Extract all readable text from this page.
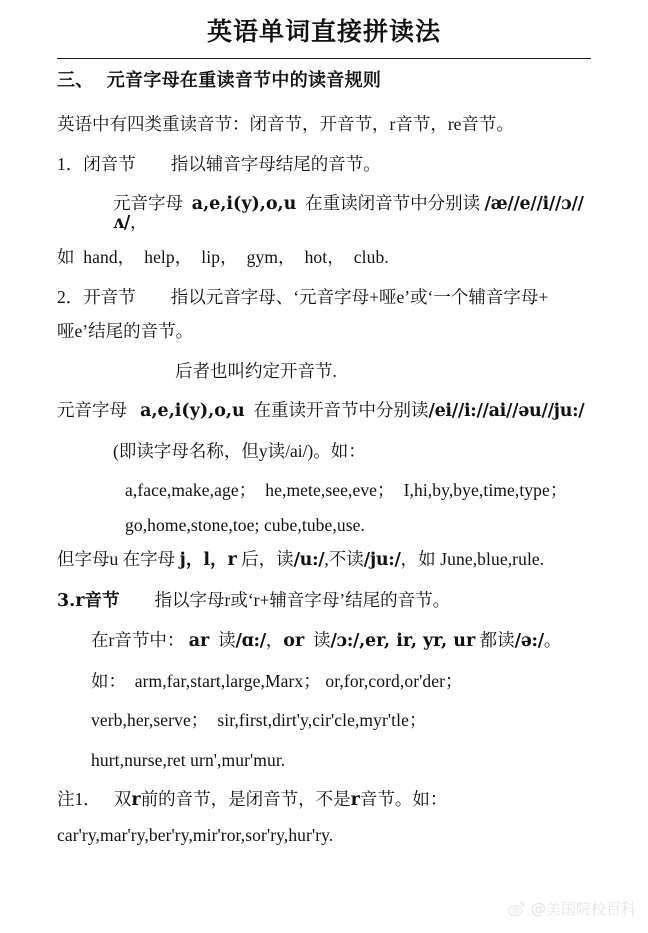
英语单词直接拼读法

三、  元音字母在重读音节中的读音规则

英语中有四类重读音节：闭音节，开音节，r音节，re音节。

1．闭音节　　 指以辅音字母结尾的音节。

元音字母 a,e,i(y),o,u 在重读闭音节中分别读 /æ//e//i//ɔ//ʌ/，

如 hand，  help，  lip，  gym，  hot，  club.

2．开音节　　 指以元音字母、‘元音字母+哑e’或‘一个辅音字母+

哑e’结尾的音节。

后者也叫约定开音节.

元音字母 a,e,i(y),o,u 在重读开音节中分别读/ei//i://ai//əu//ju:/

(即读字母名称，但y读/ai/)。如：

a,face,make,age；  he,mete,see,eve；  I,hi,by,bye,time,type；

go,home,stone,toe; cube,tube,use.

但字母u 在字母 j，l，r 后，读/u:/,不读/ju:/，如 June,blue,rule.

3.r音节　　 指以字母r或‘r+辅音字母’结尾的音节。

在r音节中： ar 读/ɑ:/，or 读/ɔ:/,er, ir, yr, ur 都读/ə:/。

如： arm,far,start,large,Marx； or,for,cord,or'der；

verb,her,serve；  sir,first,dirt'y,cir'cle,myr'tle；

hurt,nurse,ret urn',mur'mur.

注1．　 双r前的音节，是闭音节，不是r音节。如：

car'ry,mar'ry,ber'ry,mir'ror,sor'ry,hur'ry.

@美国院校百科
